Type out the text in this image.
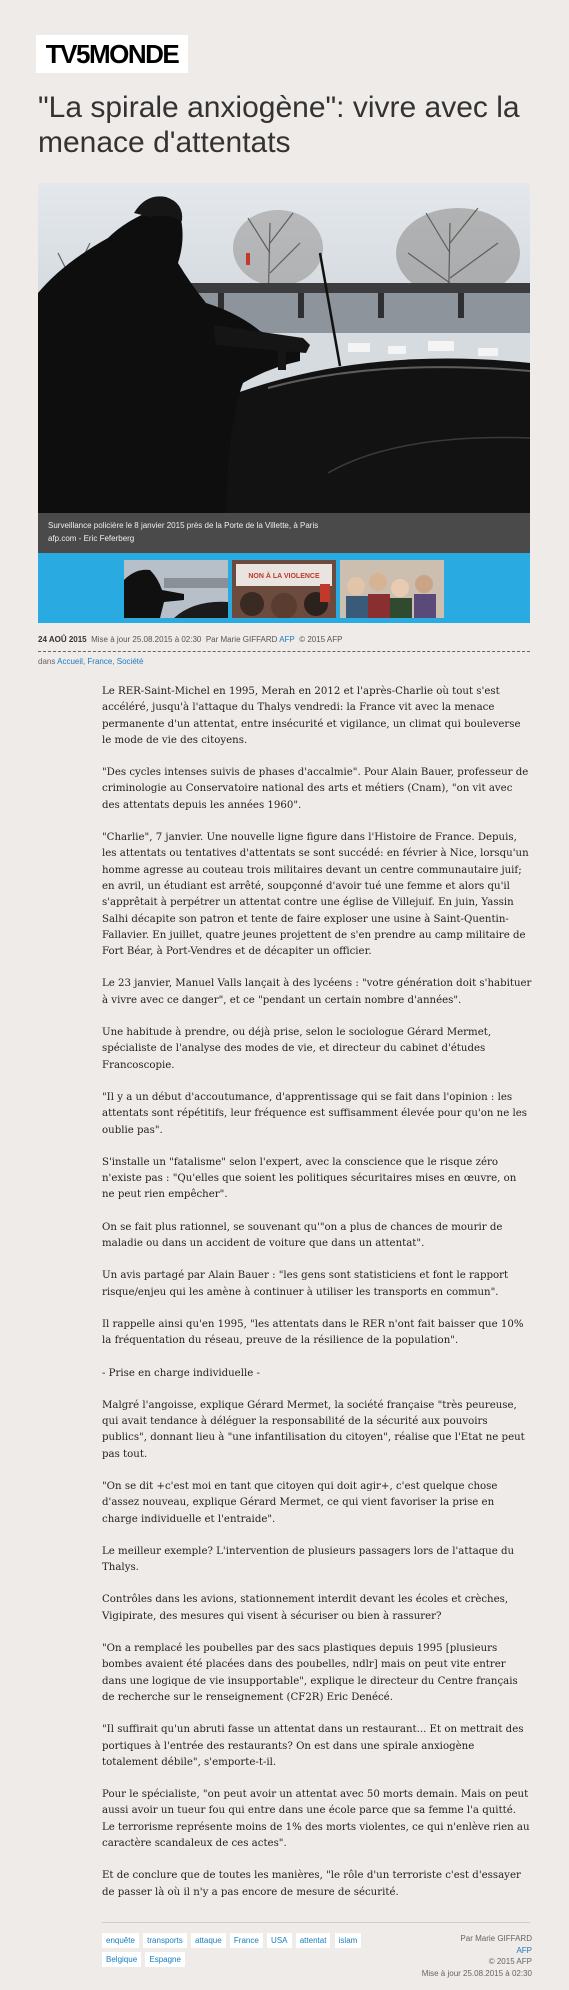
TV5MONDE
"La spirale anxiogène": vivre avec la menace d'attentats
Surveillance policière le 8 janvier 2015 près de la Porte de la Villette, à Paris
afp.com - Eric Feferberg
NON À LA VIOLENCE
24 AOÛ 2015 Mise à jour 25.08.2015 à 02:30 Par Marie GIFFARD AFP © 2015 AFP
dans Accueil, France, Société

Le RER-Saint-Michel en 1995, Merah en 2012 et l'après-Charlie où tout s'est accéléré, jusqu'à l'attaque du Thalys vendredi: la France vit avec la menace permanente d'un attentat, entre insécurité et vigilance, un climat qui bouleverse le mode de vie des citoyens.

"Des cycles intenses suivis de phases d'accalmie". Pour Alain Bauer, professeur de criminologie au Conservatoire national des arts et métiers (Cnam), "on vit avec des attentats depuis les années 1960".

"Charlie", 7 janvier. Une nouvelle ligne figure dans l'Histoire de France. Depuis, les attentats ou tentatives d'attentats se sont succédé: en février à Nice, lorsqu'un homme agresse au couteau trois militaires devant un centre communautaire juif; en avril, un étudiant est arrêté, soupçonné d'avoir tué une femme et alors qu'il s'apprêtait à perpétrer un attentat contre une église de Villejuif. En juin, Yassin Salhi décapite son patron et tente de faire exploser une usine à Saint-Quentin-Fallavier. En juillet, quatre jeunes projettent de s'en prendre au camp militaire de Fort Béar, à Port-Vendres et de décapiter un officier.

Le 23 janvier, Manuel Valls lançait à des lycéens : "votre génération doit s'habituer à vivre avec ce danger", et ce "pendant un certain nombre d'années".

Une habitude à prendre, ou déjà prise, selon le sociologue Gérard Mermet, spécialiste de l'analyse des modes de vie, et directeur du cabinet d'études Francoscopie.

"Il y a un début d'accoutumance, d'apprentissage qui se fait dans l'opinion : les attentats sont répétitifs, leur fréquence est suffisamment élevée pour qu'on ne les oublie pas".

S'installe un "fatalisme" selon l'expert, avec la conscience que le risque zéro n'existe pas : "Qu'elles que soient les politiques sécuritaires mises en œuvre, on ne peut rien empêcher".

On se fait plus rationnel, se souvenant qu'"on a plus de chances de mourir de maladie ou dans un accident de voiture que dans un attentat".

Un avis partagé par Alain Bauer : "les gens sont statisticiens et font le rapport risque/enjeu qui les amène à continuer à utiliser les transports en commun".

Il rappelle ainsi qu'en 1995, "les attentats dans le RER n'ont fait baisser que 10% la fréquentation du réseau, preuve de la résilience de la population".

- Prise en charge individuelle -

Malgré l'angoisse, explique Gérard Mermet, la société française "très peureuse, qui avait tendance à déléguer la responsabilité de la sécurité aux pouvoirs publics", donnant lieu à "une infantilisation du citoyen", réalise que l'Etat ne peut pas tout.

"On se dit +c'est moi en tant que citoyen qui doit agir+, c'est quelque chose d'assez nouveau, explique Gérard Mermet, ce qui vient favoriser la prise en charge individuelle et l'entraide".

Le meilleur exemple? L'intervention de plusieurs passagers lors de l'attaque du Thalys.

Contrôles dans les avions, stationnement interdit devant les écoles et crèches, Vigipirate, des mesures qui visent à sécuriser ou bien à rassurer?

"On a remplacé les poubelles par des sacs plastiques depuis 1995 [plusieurs bombes avaient été placées dans des poubelles, ndlr] mais on peut vite entrer dans une logique de vie insupportable", explique le directeur du Centre français de recherche sur le renseignement (CF2R) Eric Denécé.

"Il suffirait qu'un abruti fasse un attentat dans un restaurant... Et on mettrait des portiques à l'entrée des restaurants? On est dans une spirale anxiogène totalement débile", s'emporte-t-il.

Pour le spécialiste, "on peut avoir un attentat avec 50 morts demain. Mais on peut aussi avoir un tueur fou qui entre dans une école parce que sa femme l'a quitté. Le terrorisme représente moins de 1% des morts violentes, ce qui n'enlève rien au caractère scandaleux de ces actes".

Et de conclure que de toutes les manières, "le rôle d'un terroriste c'est d'essayer de passer là où il n'y a pas encore de mesure de sécurité.

enquête transports attaque France USA attentat islam Belgique Espagne
Par Marie GIFFARD
AFP
© 2015 AFP
Mise à jour 25.08.2015 à 02:30
